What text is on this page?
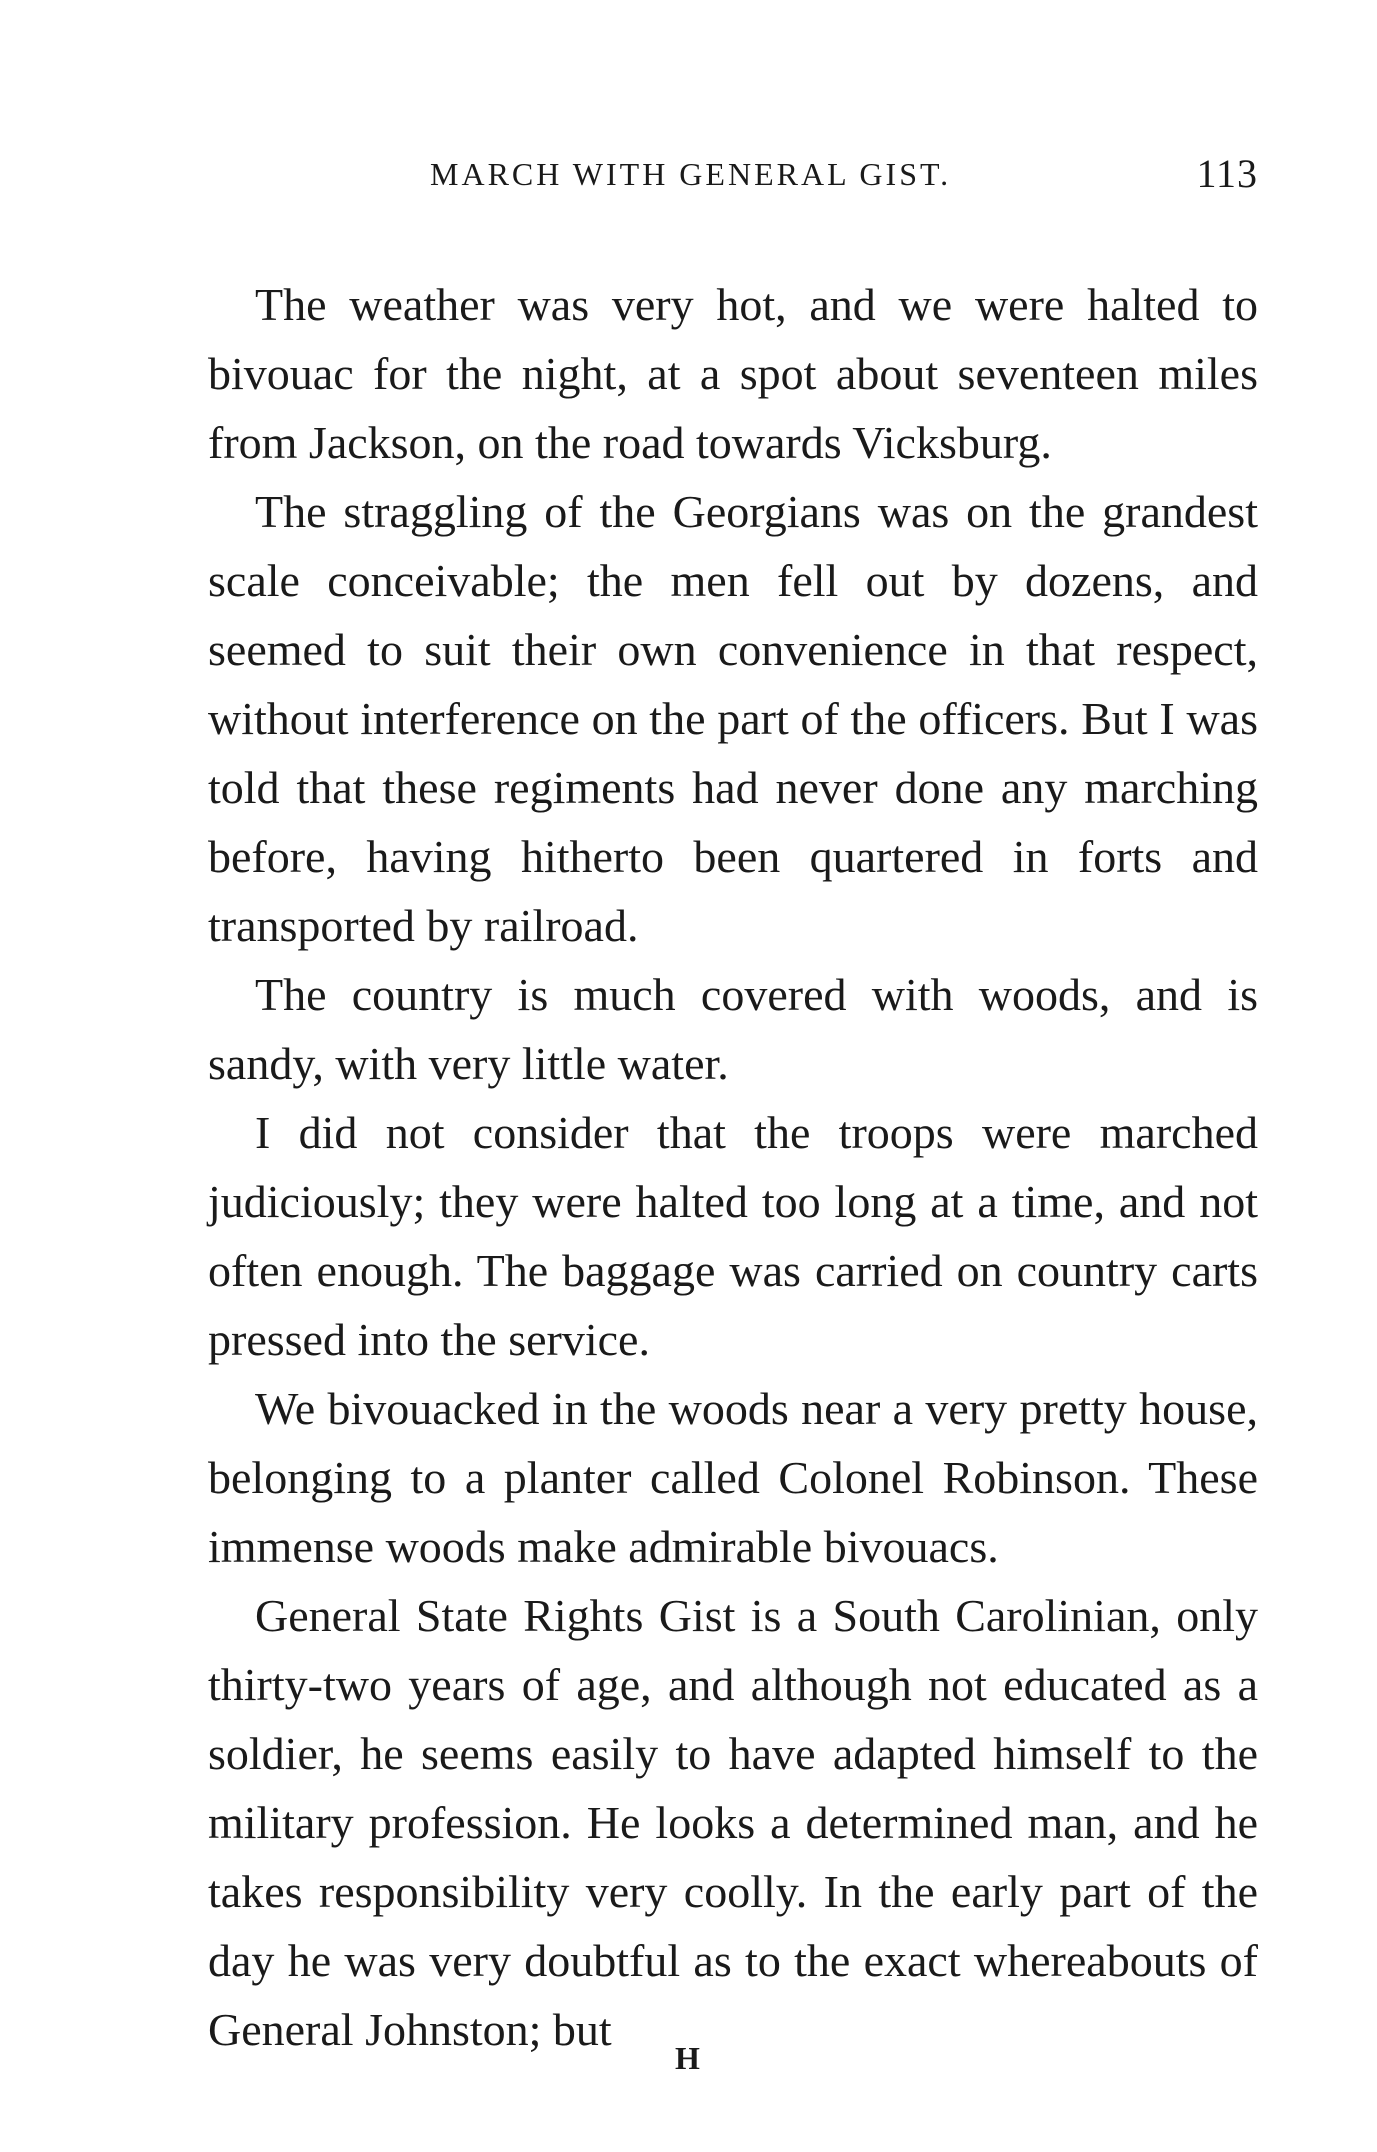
MARCH WITH GENERAL GIST.	113

The weather was very hot, and we were halted to bivouac for the night, at a spot about seventeen miles from Jackson, on the road towards Vicksburg.

The straggling of the Georgians was on the grandest scale conceivable; the men fell out by dozens, and seemed to suit their own convenience in that respect, without interference on the part of the officers. But I was told that these regiments had never done any marching before, having hitherto been quartered in forts and transported by railroad.

The country is much covered with woods, and is sandy, with very little water.

I did not consider that the troops were marched judiciously; they were halted too long at a time, and not often enough. The baggage was carried on country carts pressed into the service.

We bivouacked in the woods near a very pretty house, belonging to a planter called Colonel Robinson. These immense woods make admirable bivouacs.

General State Rights Gist is a South Carolinian, only thirty-two years of age, and although not educated as a soldier, he seems easily to have adapted himself to the military profession. He looks a determined man, and he takes responsibility very coolly. In the early part of the day he was very doubtful as to the exact whereabouts of General Johnston; but

H
